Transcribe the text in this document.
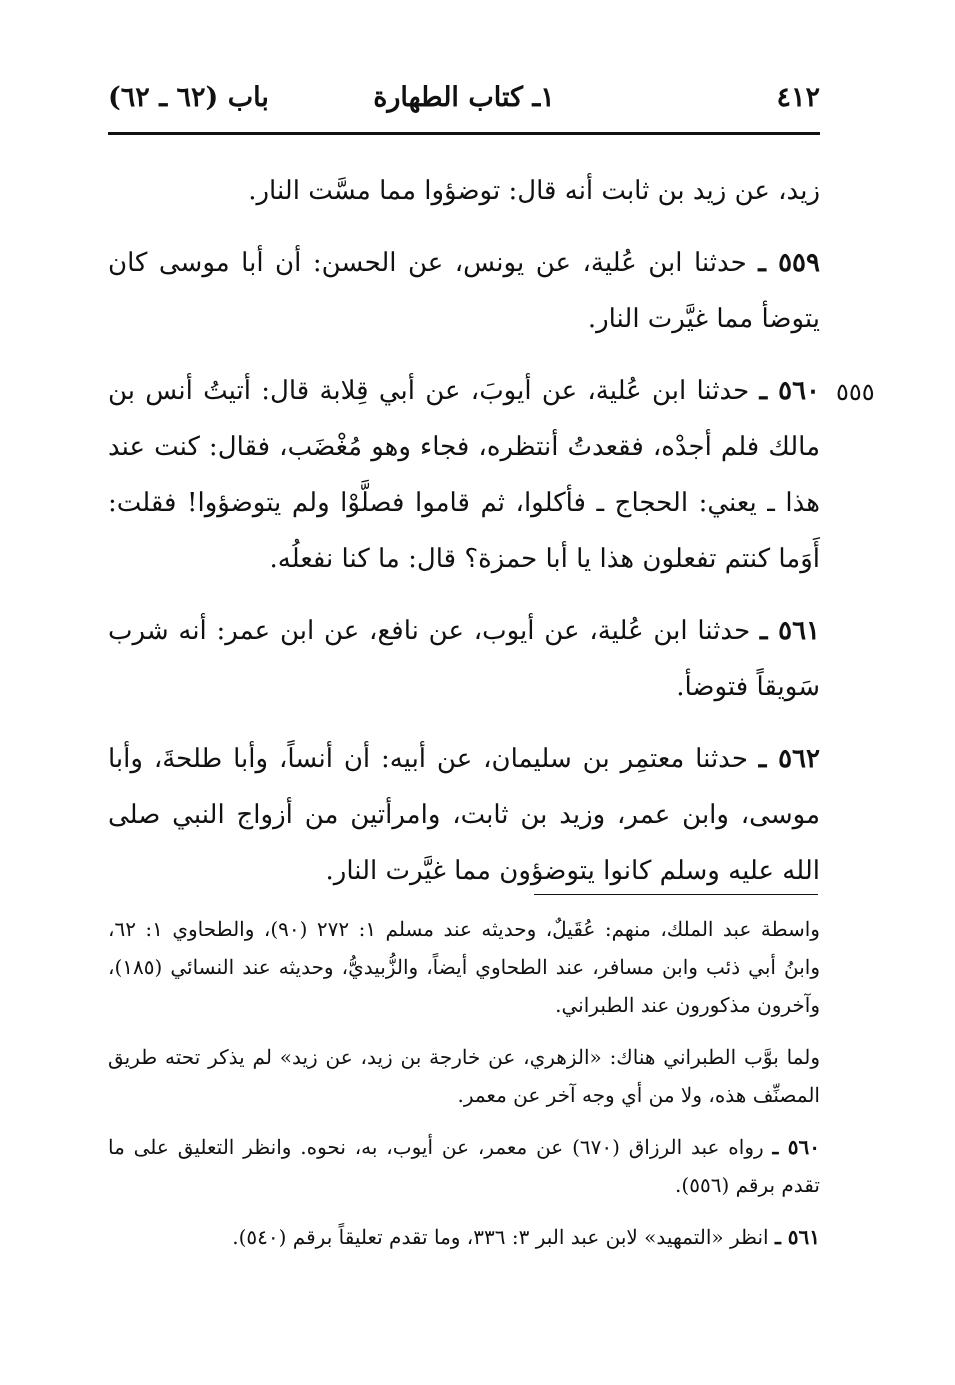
٤١٢
١ـ كتاب الطهارة
باب (٦٢ ـ ٦٢)
٥٥٥

زيد، عن زيد بن ثابت أنه قال: توضؤوا مما مسَّت النار.

٥٥٩ ـ حدثنا ابن عُلية، عن يونس، عن الحسن: أن أبا موسى كان يتوضأ مما غيَّرت النار.

٥٦٠ ـ حدثنا ابن عُلية، عن أيوبَ، عن أبي قِلابة قال: أتيتُ أنس بن مالك فلم أجدْه، فقعدتُ أنتظره، فجاء وهو مُغْضَب، فقال: كنت عند هذا ـ يعني: الحجاج ـ فأكلوا، ثم قاموا فصلَّوْا ولم يتوضؤوا! فقلت: أَوَما كنتم تفعلون هذا يا أبا حمزة؟ قال: ما كنا نفعلُه.

٥٦١ ـ حدثنا ابن عُلية، عن أيوب، عن نافع، عن ابن عمر: أنه شرب سَويقاً فتوضأ.

٥٦٢ ـ حدثنا معتمِر بن سليمان، عن أبيه: أن أنساً، وأبا طلحةَ، وأبا موسى، وابن عمر، وزيد بن ثابت، وامرأتين من أزواج النبي صلى الله عليه وسلم كانوا يتوضؤون مما غيَّرت النار.

واسطة عبد الملك، منهم: عُقَيلٌ، وحديثه عند مسلم ١: ٢٧٢ (٩٠)، والطحاوي ١: ٦٢، وابنُ أبي ذئب وابن مسافر، عند الطحاوي أيضاً، والزُّبيديُّ، وحديثه عند النسائي (١٨٥)، وآخرون مذكورون عند الطبراني.

ولما بوَّب الطبراني هناك: «الزهري، عن خارجة بن زيد، عن زيد» لم يذكر تحته طريق المصنِّف هذه، ولا من أي وجه آخر عن معمر.

٥٦٠ ـ رواه عبد الرزاق (٦٧٠) عن معمر، عن أيوب، به، نحوه. وانظر التعليق على ما تقدم برقم (٥٥٦).

٥٦١ ـ انظر «التمهيد» لابن عبد البر ٣: ٣٣٦، وما تقدم تعليقاً برقم (٥٤٠).
